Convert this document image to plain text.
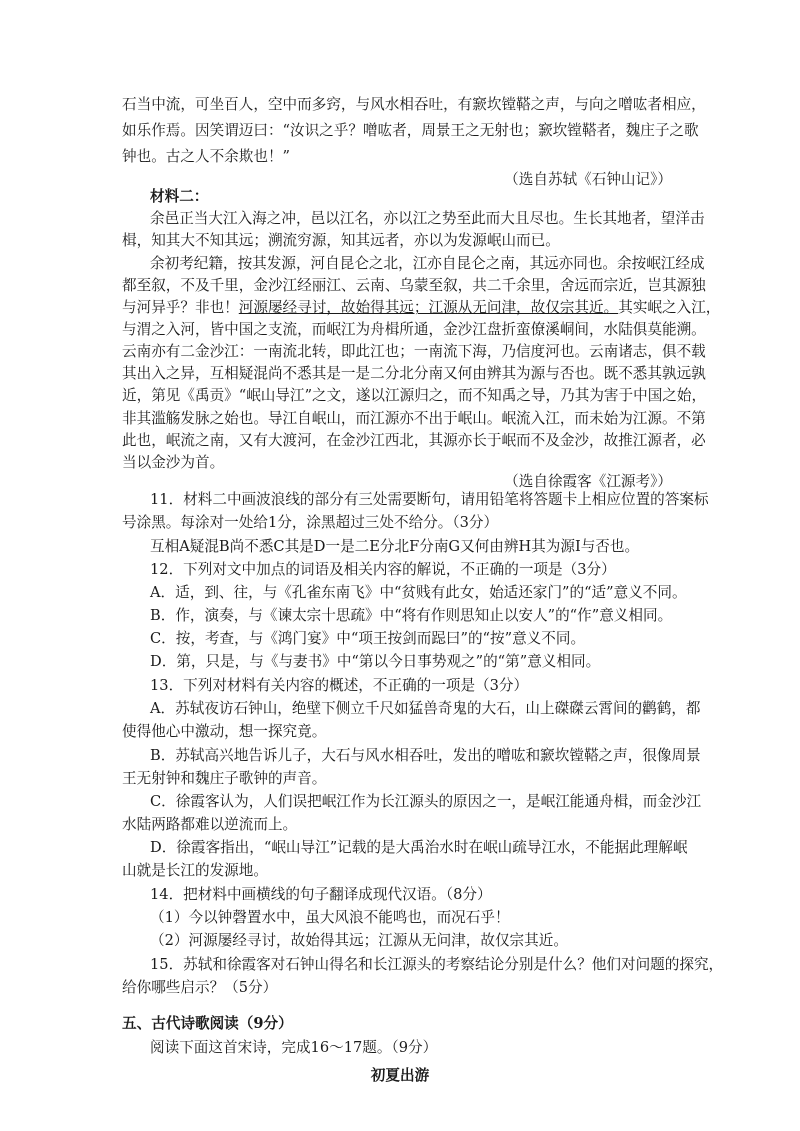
石当中流，可坐百人，空中而多窍，与风水相吞吐，有窾坎镗鞳之声，与向之噌吰者相应，
如乐作焉。因笑谓迈曰：“汝识之乎？噌吰者，周景王之无射也；窾坎镗鞳者，魏庄子之歌
钟也。古之人不余欺也！”
（选自苏轼《石钟山记》）
材料二：
余邑正当大江入海之冲，邑以江名，亦以江之势至此而大且尽也。生长其地者，望洋击
楫，知其大不知其远；溯流穷源，知其远者，亦以为发源岷山而已。
余初考纪籍，按其发源，河自昆仑之北，江亦自昆仑之南，其远亦同也。余按岷江经成
都至叙，不及千里，金沙江经丽江、云南、乌蒙至叙，共二千余里，舍远而宗近，岂其源独
与河异乎？非也！河源屡经寻讨，故始得其远；江源从无问津，故仅宗其近。其实岷之入江，
与渭之入河，皆中国之支流，而岷江为舟楫所通，金沙江盘折蛮僚溪峒间，水陆俱莫能溯。
云南亦有二金沙江：一南流北转，即此江也；一南流下海，乃信度河也。云南诸志，俱不载
其出入之异，互相疑混尚不悉其是一是二分北分南又何由辨其为源与否也。既不悉其孰远孰
近，第见《禹贡》“岷山导江”之文，遂以江源归之，而不知禹之导，乃其为害于中国之始，
非其滥觞发脉之始也。导江自岷山，而江源亦不出于岷山。岷流入江，而未始为江源。不第
此也，岷流之南，又有大渡河，在金沙江西北，其源亦长于岷而不及金沙，故推江源者，必
当以金沙为首。
（选自徐霞客《江源考》）
11．材料二中画波浪线的部分有三处需要断句，请用铅笔将答题卡上相应位置的答案标
号涂黑。每涂对一处给1分，涂黑超过三处不给分。（3分）
互相A疑混B尚不悉C其是D一是二E分北F分南G又何由辨H其为源I与否也。
12．下列对文中加点的词语及相关内容的解说，不正确的一项是（3分）
A．适，到、往，与《孔雀东南飞》中“贫贱有此女，始适还家门”的“适”意义不同。
B．作，演奏，与《谏太宗十思疏》中“将有作则思知止以安人”的“作”意义相同。
C．按，考查，与《鸿门宴》中“项王按剑而跽曰”的“按”意义不同。
D．第，只是，与《与妻书》中“第以今日事势观之”的“第”意义相同。
13．下列对材料有关内容的概述，不正确的一项是（3分）
A．苏轼夜访石钟山，绝壁下侧立千尺如猛兽奇鬼的大石，山上磔磔云霄间的鹳鹤，都
使得他心中激动，想一探究竟。
B．苏轼高兴地告诉儿子，大石与风水相吞吐，发出的噌吰和窾坎镗鞳之声，很像周景
王无射钟和魏庄子歌钟的声音。
C．徐霞客认为，人们误把岷江作为长江源头的原因之一，是岷江能通舟楫，而金沙江
水陆两路都难以逆流而上。
D．徐霞客指出，“岷山导江”记载的是大禹治水时在岷山疏导江水，不能据此理解岷
山就是长江的发源地。
14．把材料中画横线的句子翻译成现代汉语。（8分）
（1）今以钟磬置水中，虽大风浪不能鸣也，而况石乎！
（2）河源屡经寻讨，故始得其远；江源从无问津，故仅宗其近。
15．苏轼和徐霞客对石钟山得名和长江源头的考察结论分别是什么？他们对问题的探究，
给你哪些启示？（5分）
五、古代诗歌阅读（9分）
阅读下面这首宋诗，完成16～17题。（9分）
初夏出游
